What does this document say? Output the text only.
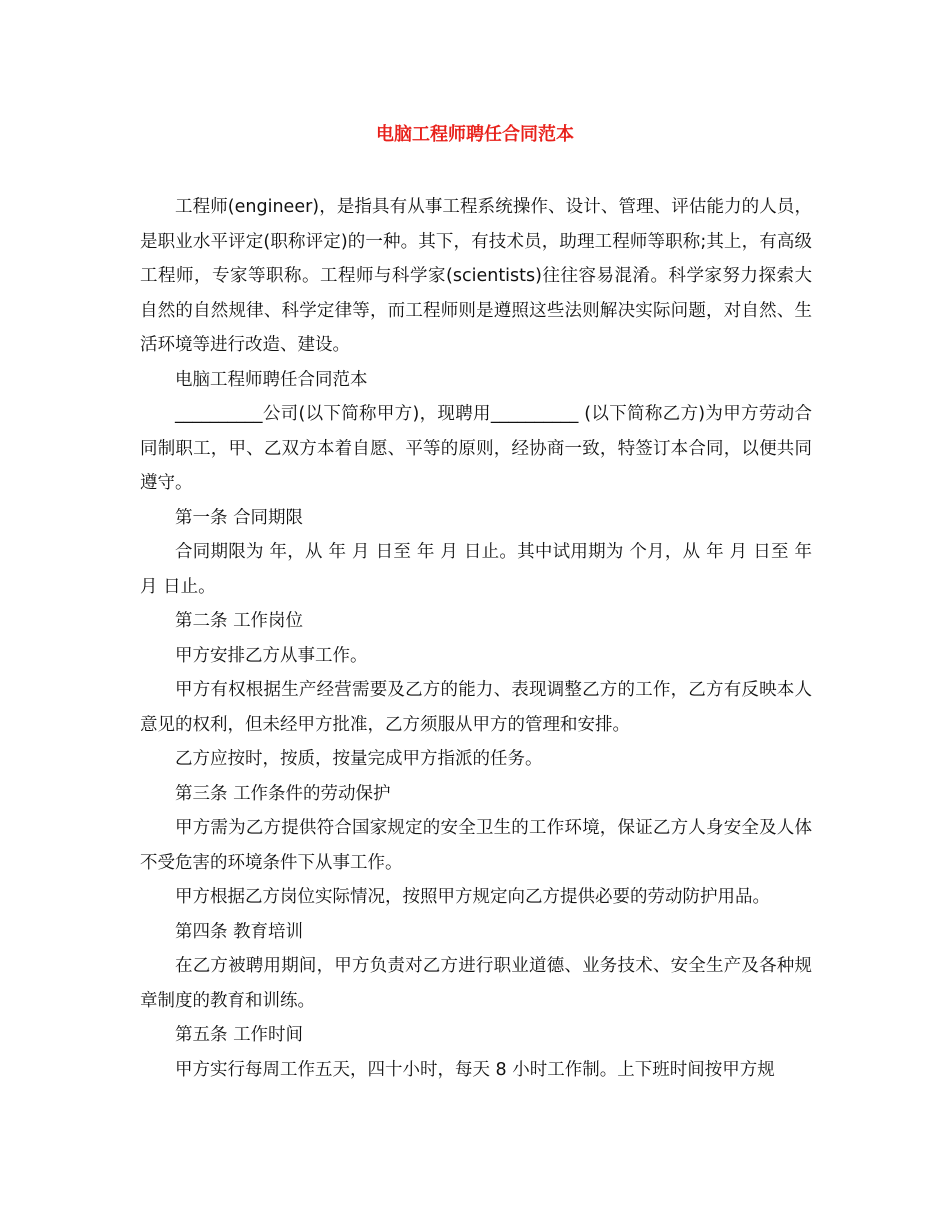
电脑工程师聘任合同范本

工程师(engineer)，是指具有从事工程系统操作、设计、管理、评估能力的人员，是职业水平评定(职称评定)的一种。其下，有技术员，助理工程师等职称;其上，有高级工程师，专家等职称。工程师与科学家(scientists)往往容易混淆。科学家努力探索大自然的自然规律、科学定律等，而工程师则是遵照这些法则解决实际问题，对自然、生活环境等进行改造、建设。

电脑工程师聘任合同范本

__________公司(以下简称甲方)，现聘用__________ (以下简称乙方)为甲方劳动合同制职工，甲、乙双方本着自愿、平等的原则，经协商一致，特签订本合同，以便共同遵守。

第一条 合同期限

合同期限为 年，从 年 月 日至 年 月 日止。其中试用期为 个月，从 年 月 日至 年 月 日止。

第二条 工作岗位

甲方安排乙方从事工作。

甲方有权根据生产经营需要及乙方的能力、表现调整乙方的工作，乙方有反映本人意见的权利，但未经甲方批准，乙方须服从甲方的管理和安排。

乙方应按时，按质，按量完成甲方指派的任务。

第三条 工作条件的劳动保护

甲方需为乙方提供符合国家规定的安全卫生的工作环境，保证乙方人身安全及人体不受危害的环境条件下从事工作。

甲方根据乙方岗位实际情况，按照甲方规定向乙方提供必要的劳动防护用品。

第四条 教育培训

在乙方被聘用期间，甲方负责对乙方进行职业道德、业务技术、安全生产及各种规章制度的教育和训练。

第五条 工作时间

甲方实行每周工作五天，四十小时，每天 8 小时工作制。上下班时间按甲方规
